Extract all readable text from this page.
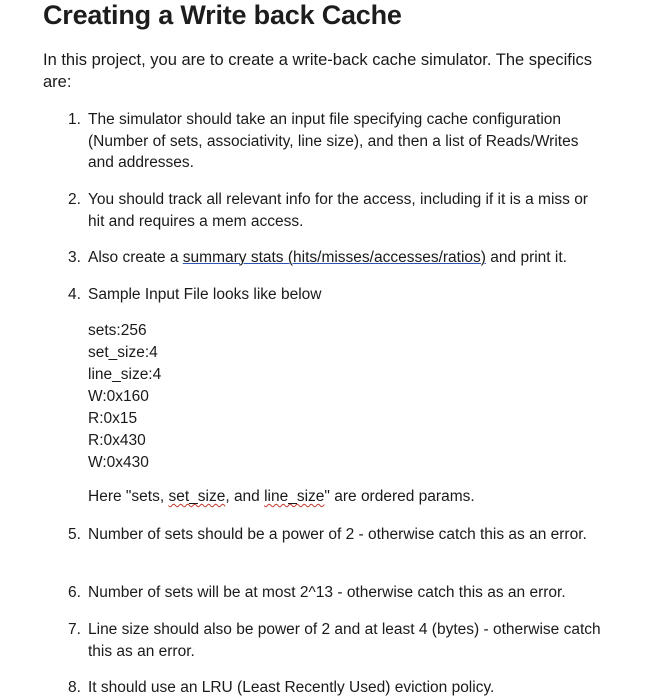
Creating a Write back Cache
In this project, you are to create a write-back cache simulator. The specifics are:
1. The simulator should take an input file specifying cache configuration (Number of sets, associativity, line size), and then a list of Reads/Writes and addresses.
2. You should track all relevant info for the access, including if it is a miss or hit and requires a mem access.
3. Also create a summary stats (hits/misses/accesses/ratios) and print it.
4. Sample Input File looks like below
sets:256
set_size:4
line_size:4
W:0x160
R:0x15
R:0x430
W:0x430
Here "sets, set_size, and line_size" are ordered params.
5. Number of sets should be a power of 2 - otherwise catch this as an error.
6. Number of sets will be at most 2^13 - otherwise catch this as an error.
7. Line size should also be power of 2 and at least 4 (bytes) - otherwise catch this as an error.
8. It should use an LRU (Least Recently Used) eviction policy.
